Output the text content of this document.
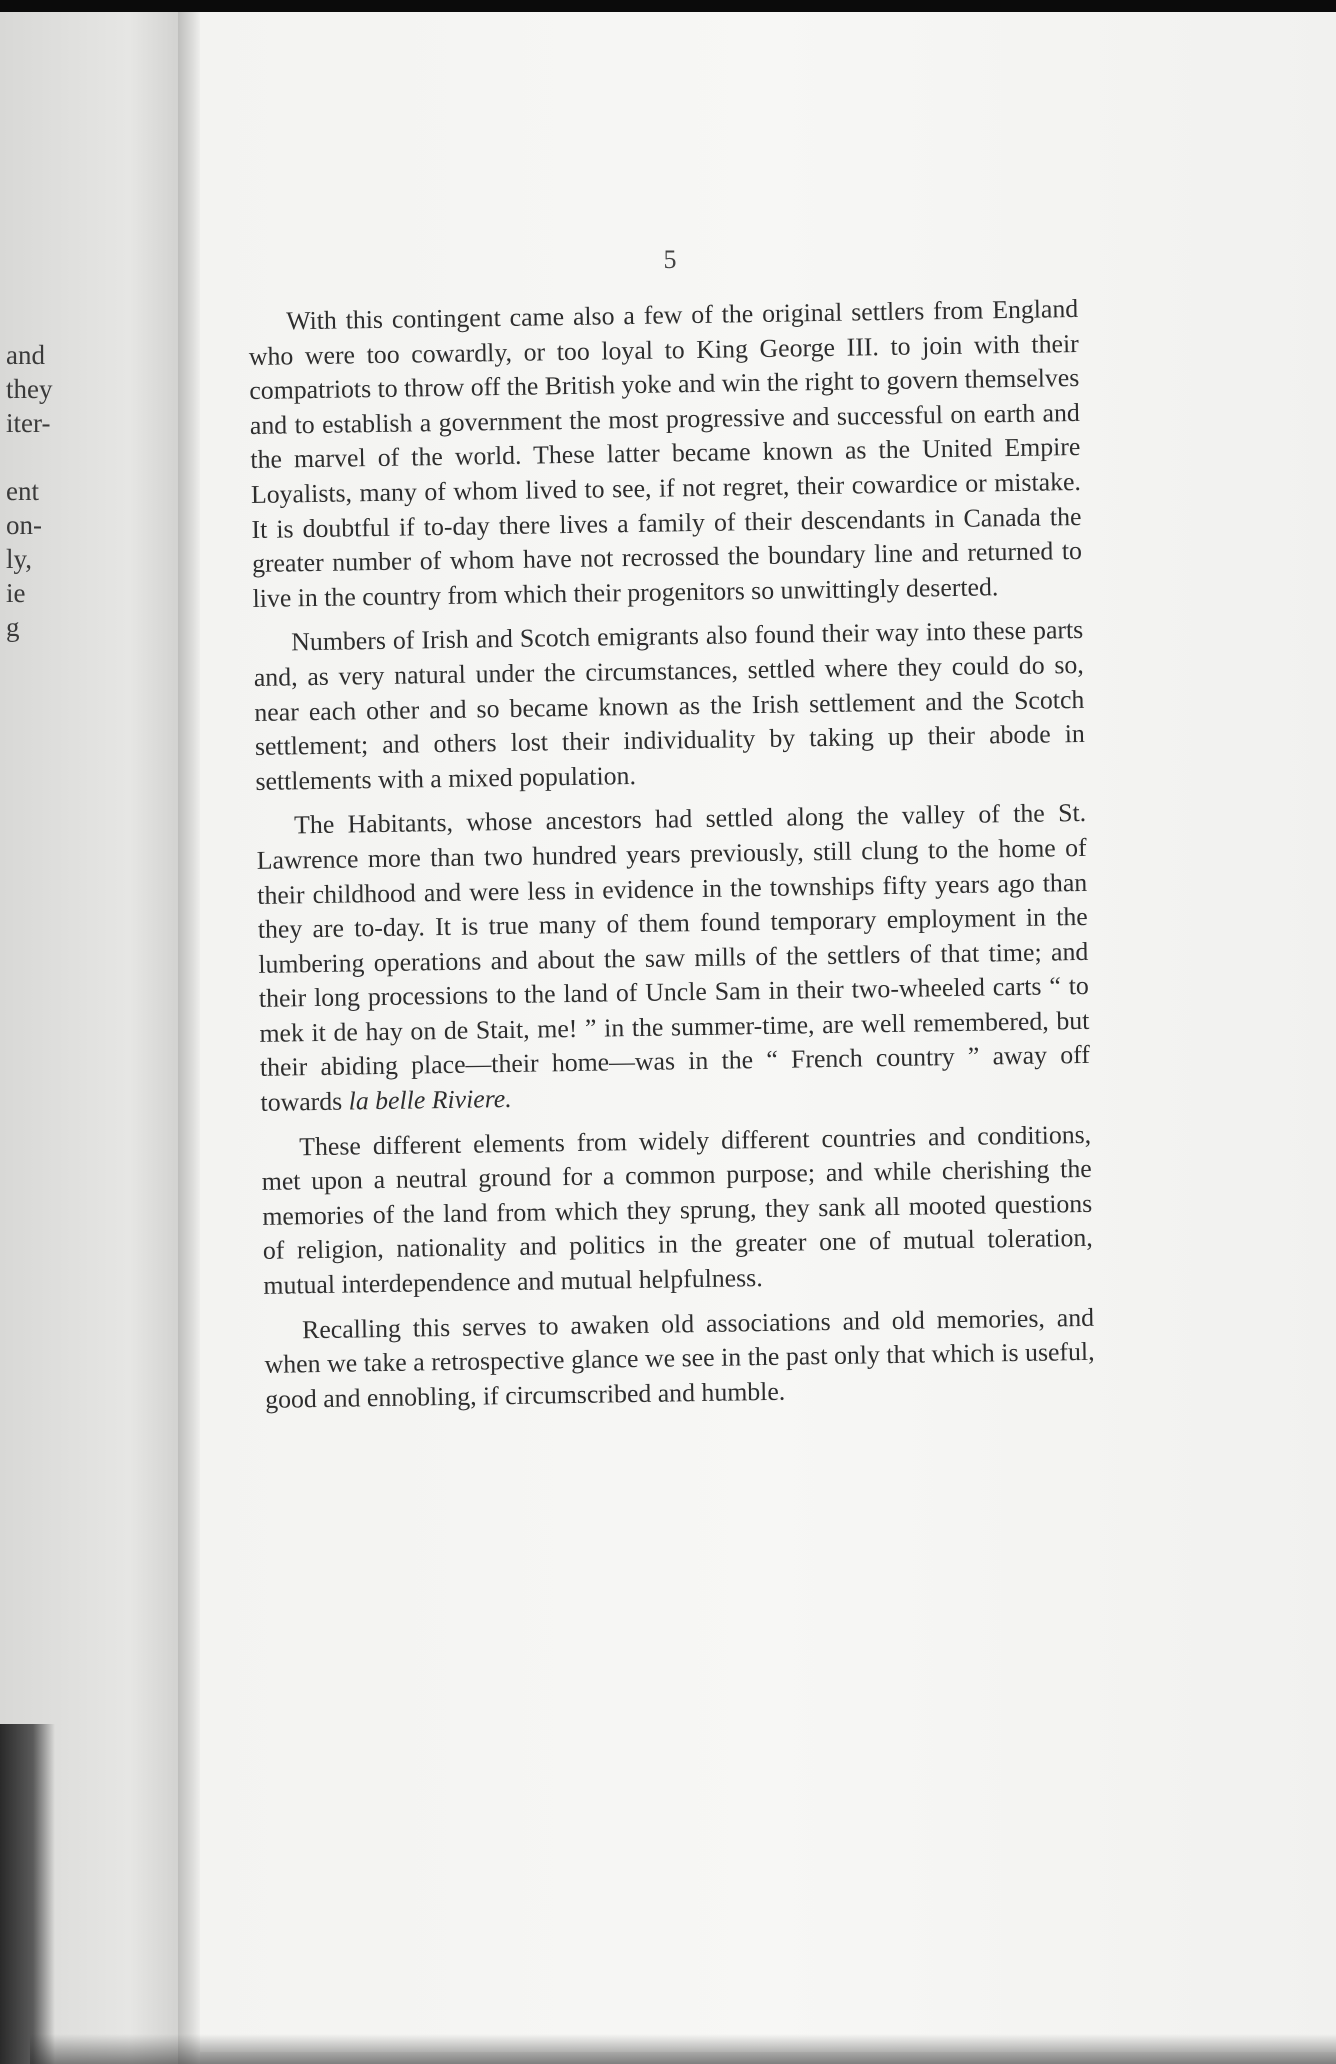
and
they
iter-
ent
on-
ly,
ie
g
5

With this contingent came also a few of the original settlers from England who were too cowardly, or too loyal to King George III. to join with their compatriots to throw off the British yoke and win the right to govern themselves and to establish a government the most progressive and successful on earth and the marvel of the world. These latter became known as the United Empire Loyalists, many of whom lived to see, if not regret, their cowardice or mistake. It is doubtful if to-day there lives a family of their descendants in Canada the greater number of whom have not recrossed the boundary line and returned to live in the country from which their progenitors so unwittingly deserted.

Numbers of Irish and Scotch emigrants also found their way into these parts and, as very natural under the circumstances, settled where they could do so, near each other and so became known as the Irish settlement and the Scotch settlement; and others lost their individuality by taking up their abode in settlements with a mixed population.

The Habitants, whose ancestors had settled along the valley of the St. Lawrence more than two hundred years previously, still clung to the home of their childhood and were less in evidence in the townships fifty years ago than they are to-day. It is true many of them found temporary employment in the lumbering operations and about the saw mills of the settlers of that time; and their long processions to the land of Uncle Sam in their two-wheeled carts “ to mek it de hay on de Stait, me! ” in the summer-time, are well remembered, but their abiding place—their home—was in the “ French country ” away off towards la belle Riviere.

These different elements from widely different countries and conditions, met upon a neutral ground for a common purpose; and while cherishing the memories of the land from which they sprung, they sank all mooted questions of religion, nationality and politics in the greater one of mutual toleration, mutual interdependence and mutual helpfulness.

Recalling this serves to awaken old associations and old memories, and when we take a retrospective glance we see in the past only that which is useful, good and ennobling, if circumscribed and humble.
